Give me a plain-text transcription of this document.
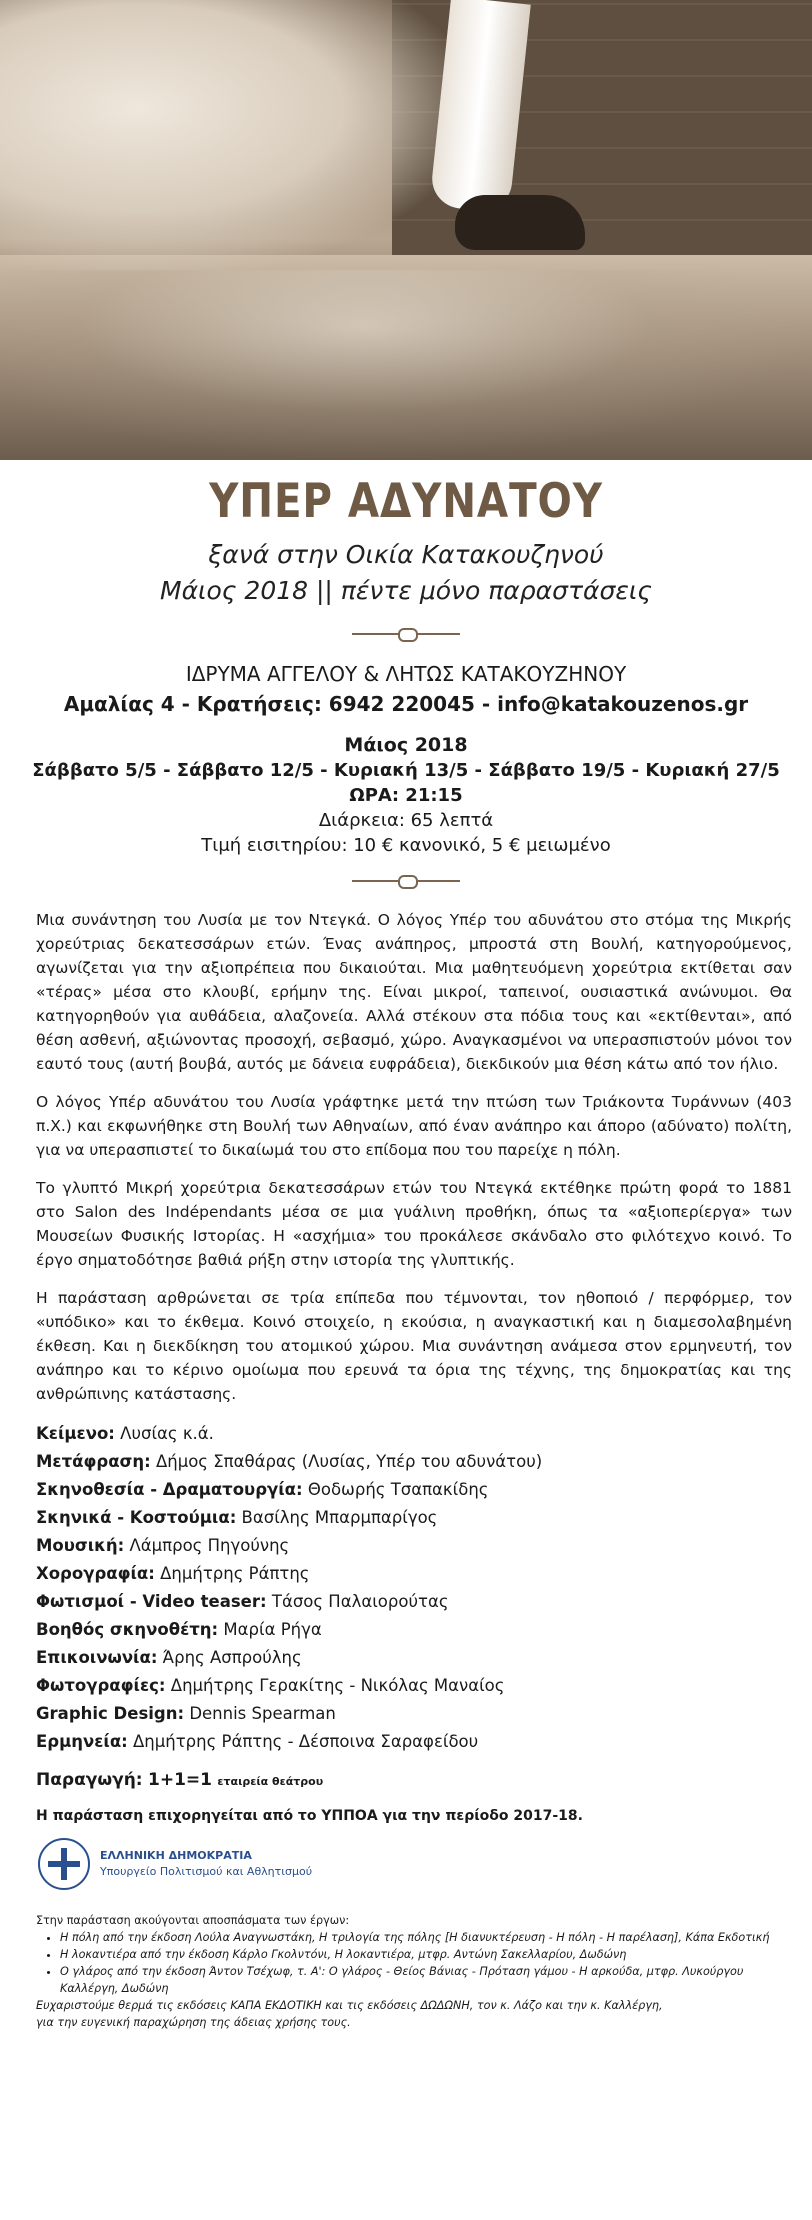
ΥΠΕΡ ΑΔΥΝΑΤΟΥ
ξανά στην Οικία Κατακουζηνού
Μάιος 2018 || πέντε μόνο παραστάσεις
ΙΔΡΥΜΑ ΑΓΓΕΛΟΥ & ΛΗΤΩΣ ΚΑΤΑΚΟΥΖΗΝΟΥ
Αμαλίας 4 - Κρατήσεις: 6942 220045 - info@katakouzenos.gr
Μάιος 2018
Σάββατο 5/5 - Σάββατο 12/5 - Κυριακή 13/5 - Σάββατο 19/5 - Κυριακή 27/5
ΩΡΑ: 21:15
Διάρκεια: 65 λεπτά
Τιμή εισιτηρίου: 10 € κανονικό, 5 € μειωμένο

Μια συνάντηση του Λυσία με τον Ντεγκά. Ο λόγος Υπέρ του αδυνάτου στο στόμα της Μικρής χορεύτριας δεκατεσσάρων ετών. Ένας ανάπηρος, μπροστά στη Βουλή, κατηγορούμενος, αγωνίζεται για την αξιοπρέπεια που δικαιούται. Μια μαθητευόμενη χορεύτρια εκτίθεται σαν «τέρας» μέσα στο κλουβί, ερήμην της. Είναι μικροί, ταπεινοί, ουσιαστικά ανώνυμοι. Θα κατηγορηθούν για αυθάδεια, αλαζονεία. Αλλά στέκουν στα πόδια τους και «εκτίθενται», από θέση ασθενή, αξιώνοντας προσοχή, σεβασμό, χώρο. Αναγκασμένοι να υπερασπιστούν μόνοι τον εαυτό τους (αυτή βουβά, αυτός με δάνεια ευφράδεια), διεκδικούν μια θέση κάτω από τον ήλιο.

Ο λόγος Υπέρ αδυνάτου του Λυσία γράφτηκε μετά την πτώση των Τριάκοντα Τυράννων (403 π.Χ.) και εκφωνήθηκε στη Βουλή των Αθηναίων, από έναν ανάπηρο και άπορο (αδύνατο) πολίτη, για να υπερασπιστεί το δικαίωμά του στο επίδομα που του παρείχε η πόλη.

Το γλυπτό Μικρή χορεύτρια δεκατεσσάρων ετών του Ντεγκά εκτέθηκε πρώτη φορά το 1881 στο Salon des Indépendants μέσα σε μια γυάλινη προθήκη, όπως τα «αξιοπερίεργα» των Μουσείων Φυσικής Ιστορίας. Η «ασχήμια» του προκάλεσε σκάνδαλο στο φιλότεχνο κοινό. Το έργο σηματοδότησε βαθιά ρήξη στην ιστορία της γλυπτικής.

Η παράσταση αρθρώνεται σε τρία επίπεδα που τέμνονται, τον ηθοποιό / περφόρμερ, τον «υπόδικο» και το έκθεμα. Κοινό στοιχείο, η εκούσια, η αναγκαστική και η διαμεσολαβημένη έκθεση. Και η διεκδίκηση του ατομικού χώρου. Μια συνάντηση ανάμεσα στον ερμηνευτή, τον ανάπηρο και το κέρινο ομοίωμα που ερευνά τα όρια της τέχνης, της δημοκρατίας και της ανθρώπινης κατάστασης.

Κείμενο: Λυσίας κ.ά.
Μετάφραση: Δήμος Σπαθάρας (Λυσίας, Υπέρ του αδυνάτου)
Σκηνοθεσία - Δραματουργία: Θοδωρής Τσαπακίδης
Σκηνικά - Κοστούμια: Βασίλης Μπαρμπαρίγος
Μουσική: Λάμπρος Πηγούνης
Χορογραφία: Δημήτρης Ράπτης
Φωτισμοί - Video teaser: Τάσος Παλαιορούτας
Βοηθός σκηνοθέτη: Μαρία Ρήγα
Επικοινωνία: Άρης Ασπρούλης
Φωτογραφίες: Δημήτρης Γερακίτης - Νικόλας Μαναίος
Graphic Design: Dennis Spearman
Ερμηνεία: Δημήτρης Ράπτης - Δέσποινα Σαραφείδου
Παραγωγή: 1+1=1 εταιρεία θεάτρου
Η παράσταση επιχορηγείται από το ΥΠΠΟΑ για την περίοδο 2017-18.
ΕΛΛΗΝΙΚΗ ΔΗΜΟΚΡΑΤΙΑ
Υπουργείο Πολιτισμού και Αθλητισμού
Στην παράσταση ακούγονται αποσπάσματα των έργων:
• Η πόλη από την έκδοση Λούλα Αναγνωστάκη, Η τριλογία της πόλης [Η διανυκτέρευση - Η πόλη - Η παρέλαση], Κάπα Εκδοτική
• Η λοκαντιέρα από την έκδοση Κάρλο Γκολντόνι, Η λοκαντιέρα, μτφρ. Αντώνη Σακελλαρίου, Δωδώνη
• Ο γλάρος από την έκδοση Άντον Τσέχωφ, τ. Α': Ο γλάρος - Θείος Βάνιας - Πρόταση γάμου - Η αρκούδα, μτφρ. Λυκούργου Καλλέργη, Δωδώνη
Ευχαριστούμε θερμά τις εκδόσεις ΚΑΠΑ ΕΚΔΟΤΙΚΗ και τις εκδόσεις ΔΩΔΩΝΗ, τον κ. Λάζο και την κ. Καλλέργη,
για την ευγενική παραχώρηση της άδειας χρήσης τους.
